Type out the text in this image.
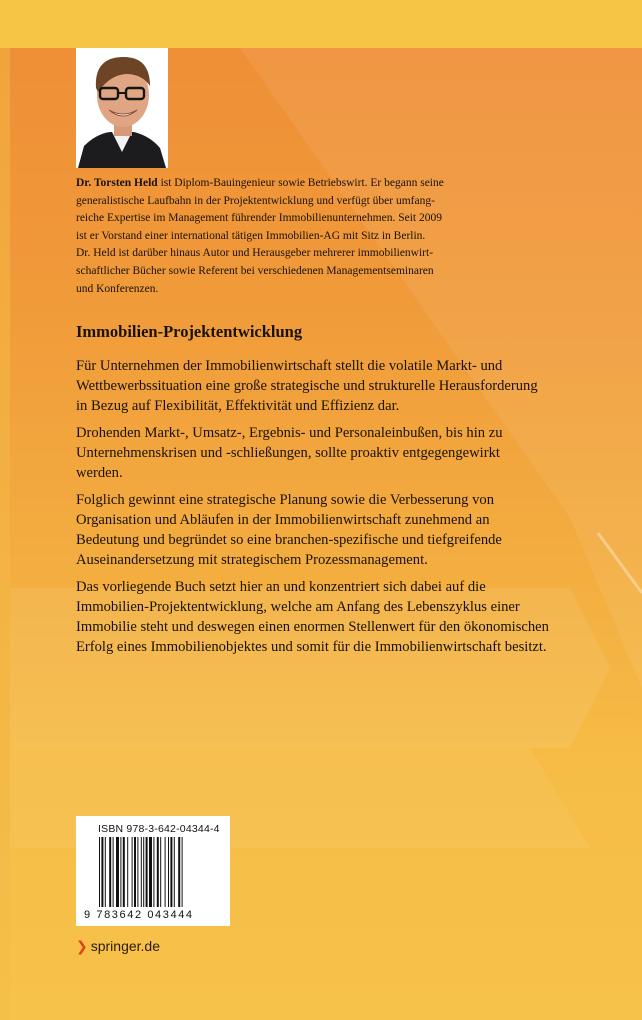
Dr. Torsten Held ist Diplom-Bauingenieur sowie Betriebswirt. Er begann seine
generalistische Laufbahn in der Projektentwicklung und verfügt über umfang-
reiche Expertise im Management führender Immobilienunternehmen. Seit 2009
ist er Vorstand einer international tätigen Immobilien-AG mit Sitz in Berlin.
Dr. Held ist darüber hinaus Autor und Herausgeber mehrerer immobilienwirt-
schaftlicher Bücher sowie Referent bei verschiedenen Managementseminaren
und Konferenzen.
Immobilien-Projektentwicklung

Für Unternehmen der Immobilienwirtschaft stellt die volatile Markt- und Wettbewerbssituation eine große strategische und strukturelle Herausforderung in Bezug auf Flexibilität, Effektivität und Effizienz dar.

Drohenden Markt-, Umsatz-, Ergebnis- und Personaleinbußen, bis hin zu Unternehmenskrisen und -schließungen, sollte proaktiv entgegengewirkt werden.

Folglich gewinnt eine strategische Planung sowie die Verbesserung von Organisation und Abläufen in der Immobilienwirtschaft zunehmend an Bedeutung und begründet so eine branchen-spezifische und tiefgreifende Auseinandersetzung mit strategischem Prozessmanagement.

Das vorliegende Buch setzt hier an und konzentriert sich dabei auf die Immobilien-Projektentwicklung, welche am Anfang des Lebenszyklus einer Immobilie steht und deswegen einen enormen Stellenwert für den ökonomischen Erfolg eines Immobilienobjektes und somit für die Immobilienwirtschaft besitzt.

ISBN 978-3-642-04344-4
9 783642 043444
❯ springer.de
